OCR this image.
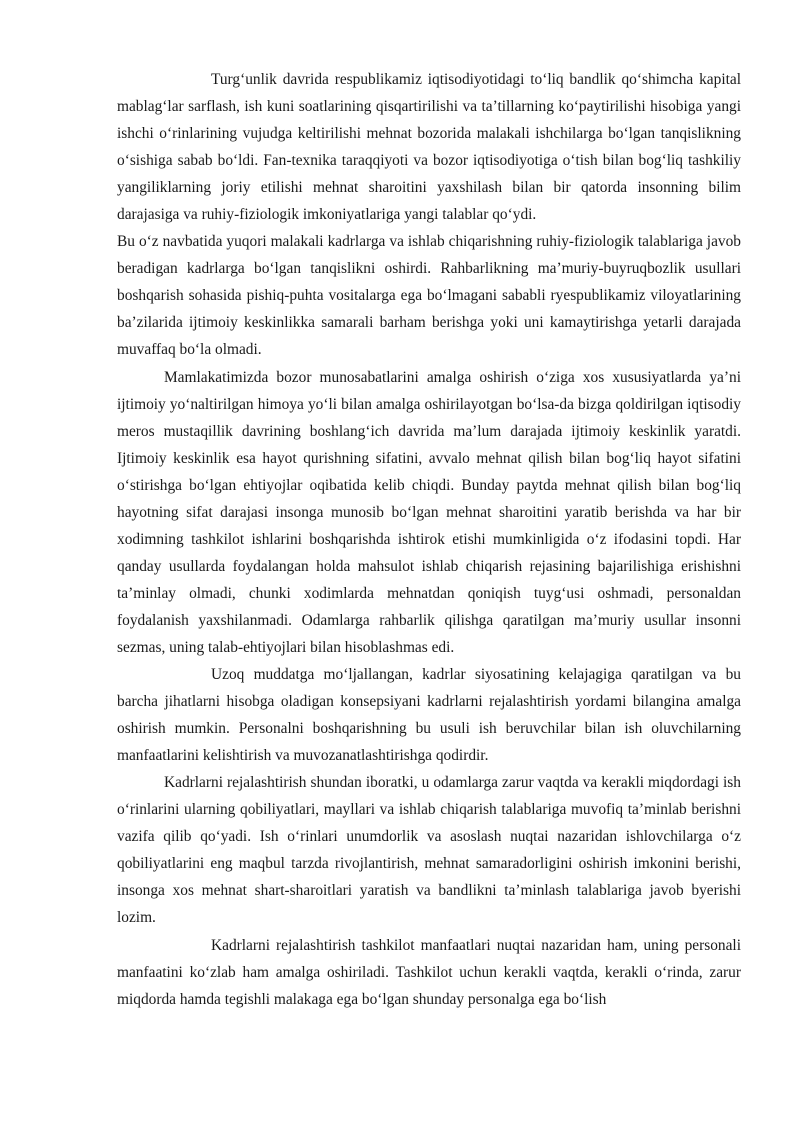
Turg‘unlik davrida respublikamiz iqtisodiyotidagi to‘liq bandlik qo‘shimcha kapital mablag‘lar sarflash, ish kuni soatlarining qisqartirilishi va ta’tillarning ko‘paytirilishi hisobiga yangi ishchi o‘rinlarining vujudga keltirilishi mehnat bozorida malakali ishchilarga bo‘lgan tanqislikning o‘sishiga sabab bo‘ldi. Fan-texnika taraqqiyoti va bozor iqtisodiyotiga o‘tish bilan bog‘liq tashkiliy yangiliklarning joriy etilishi mehnat sharoitini yaxshilash bilan bir qatorda insonning bilim darajasiga va ruhiy-fiziologik imkoniyatlariga yangi talablar qo‘ydi.

Bu o‘z navbatida yuqori malakali kadrlarga va ishlab chiqarishning ruhiy-fiziologik talablariga javob beradigan kadrlarga bo‘lgan tanqislikni oshirdi. Rahbarlikning ma’muriy-buyruqbozlik usullari boshqarish sohasida pishiq-puhta vositalarga ega bo‘lmagani sababli ryespublikamiz viloyatlarining ba’zilarida ijtimoiy keskinlikka samarali barham berishga yoki uni kamaytirishga yetarli darajada muvaffaq bo‘la olmadi.

Mamlakatimizda bozor munosabatlarini amalga oshirish o‘ziga xos xususiyatlarda ya’ni ijtimoiy yo‘naltirilgan himoya yo‘li bilan amalga oshirilayotgan bo‘lsa-da bizga qoldirilgan iqtisodiy meros mustaqillik davrining boshlang‘ich davrida ma’lum darajada ijtimoiy keskinlik yaratdi. Ijtimoiy keskinlik esa hayot qurishning sifatini, avvalo mehnat qilish bilan bog‘liq hayot sifatini o‘stirishga bo‘lgan ehtiyojlar oqibatida kelib chiqdi. Bunday paytda mehnat qilish bilan bog‘liq hayotning sifat darajasi insonga munosib bo‘lgan mehnat sharoitini yaratib berishda va har bir xodimning tashkilot ishlarini boshqarishda ishtirok etishi mumkinligida o‘z ifodasini topdi. Har qanday usullarda foydalangan holda mahsulot ishlab chiqarish rejasining bajarilishiga erishishni ta’minlay olmadi, chunki xodimlarda mehnatdan qoniqish tuyg‘usi oshmadi, personaldan foydalanish yaxshilanmadi. Odamlarga rahbarlik qilishga qaratilgan ma’muriy usullar insonni sezmas, uning talab-ehtiyojlari bilan hisoblashmas edi.

Uzoq muddatga mo‘ljallangan, kadrlar siyosatining kelajagiga qaratilgan va bu barcha jihatlarni hisobga oladigan konsepsiyani kadrlarni rejalashtirish yordami bilangina amalga oshirish mumkin. Personalni boshqarishning bu usuli ish beruvchilar bilan ish oluvchilarning manfaatlarini kelishtirish va muvozanatlashtirishga qodirdir.

Kadrlarni rejalashtirish shundan iboratki, u odamlarga zarur vaqtda va kerakli miqdordagi ish o‘rinlarini ularning qobiliyatlari, mayllari va ishlab chiqarish talablariga muvofiq ta’minlab berishni vazifa qilib qo‘yadi. Ish o‘rinlari unumdorlik va asoslash nuqtai nazaridan ishlovchilarga o‘z qobiliyatlarini eng maqbul tarzda rivojlantirish, mehnat samaradorligini oshirish imkonini berishi, insonga xos mehnat shart-sharoitlari yaratish va bandlikni ta’minlash talablariga javob byerishi lozim.

Kadrlarni rejalashtirish tashkilot manfaatlari nuqtai nazaridan ham, uning personali manfaatini ko‘zlab ham amalga oshiriladi. Tashkilot uchun kerakli vaqtda, kerakli o‘rinda, zarur miqdorda hamda tegishli malakaga ega bo‘lgan shunday personalga ega bo‘lish
